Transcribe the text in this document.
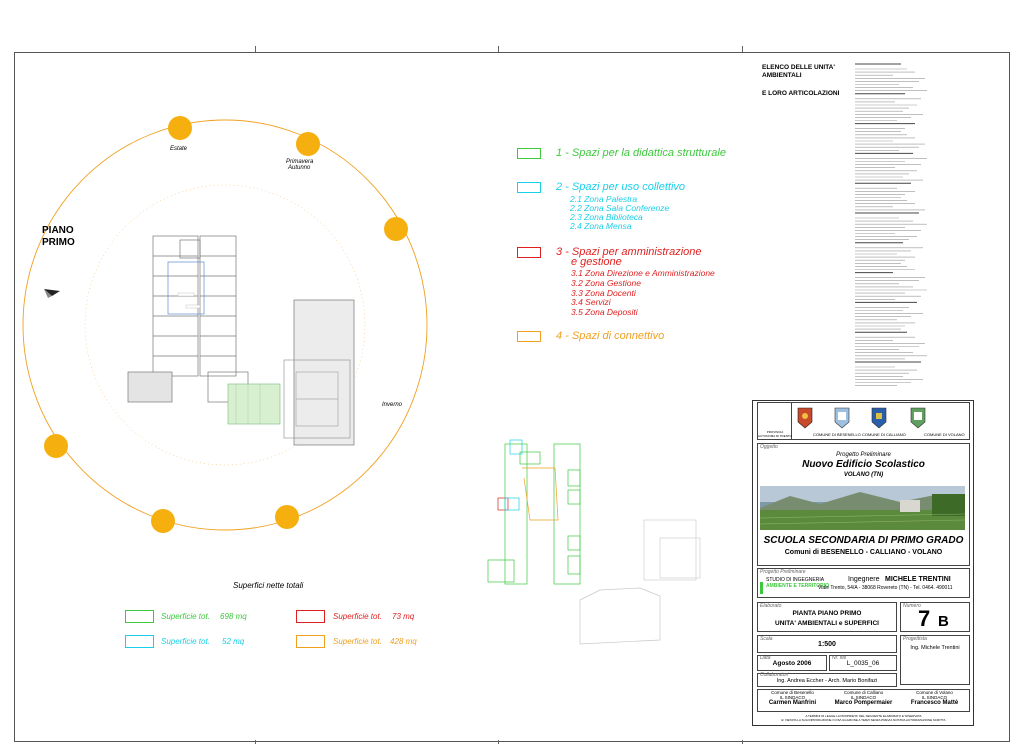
Estate
Primavera
Autunno
Inverno
PIANO
PRIMO
1 - Spazi per la didattica strutturale
2 - Spazi per uso collettivo
2.1 Zona Palestra
2.2 Zona Sala Conferenze
2.3 Zona Biblioteca
2.4 Zona Mensa
3 - Spazi per amministrazione
e gestione
3.1 Zona Direzione e Amministrazione
3.2 Zona Gestione
3.3 Zona Docenti
3.4 Servizi
3.5 Zona Depositi
4 - Spazi di connettivo
Superfici nette totali
Superficie tot. 698 mq	Superficie tot. 73 mq
Superficie tot. 52 mq	Superficie tot. 428 mq
ELENCO DELLE UNITA'
AMBIENTALI
E LORO ARTICOLAZIONI
PROVINCIA AUTONOMA DI TRENTO	COMUNE DI BESENELLO COMUNE DI CALLIANO	COMUNE DI VOLANO
Oggetto
Progetto Preliminare
Nuovo Edificio Scolastico
VOLANO (TN)
SCUOLA SECONDARIA DI PRIMO GRADO
Comuni di BESENELLO - CALLIANO - VOLANO
Progetto Preliminare
STUDIO DI INGEGNERIA
AMBIENTE E TERRITORIO
Ingegnere MICHELE TRENTINI
Viale Trento, 54/A - 38068 Rovereto (TN) - Tel. 0464. 490011
Elaborato
PIANTA PIANO PRIMO
UNITA' AMBIENTALI e SUPERFICI
Numero
7 B
Scala
1:500
Progettista
Ing. Michele Trentini
Data
Agosto 2006
Nr. file
L_0035_06
Collaboratori
Ing. Andrea Eccher - Arch. Mario Bonifazi
Comune di Besenello
IL SINDACO
Carmen Manfrini
Comune di Calliano
IL SINDACO
Marco Pompermaier
Comune di Volano
IL SINDACO
Francesco Mattè
A TERMINI DI LEGGE LA PROPRIETA' DEL SEGUENTE ELABORATO E' RISERVATA
E' VIETATA LA SUA RIPRODUZIONE O DIVULGAZIONE A TERZI SENZA PREVIA NOSTRA AUTORIZZAZIONE SCRITTA
